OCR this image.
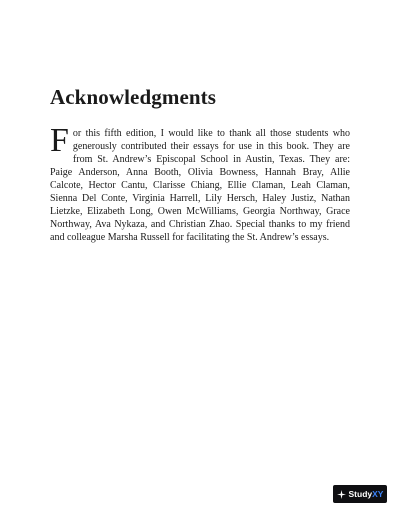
Acknowledgments

For this fifth edition, I would like to thank all those students who generously contributed their essays for use in this book. They are from St. Andrew’s Episcopal School in Austin, Texas. They are: Paige Anderson, Anna Booth, Olivia Bowness, Hannah Bray, Allie Calcote, Hector Cantu, Clarisse Chiang, Ellie Claman, Leah Claman, Sienna Del Conte, Virginia Harrell, Lily Hersch, Haley Justiz, Nathan Lietzke, Elizabeth Long, Owen McWilliams, Georgia Northway, Grace Northway, Ava Nykaza, and Christian Zhao. Special thanks to my friend and colleague Marsha Russell for facilitating the St. Andrew’s essays.

StudyXY
